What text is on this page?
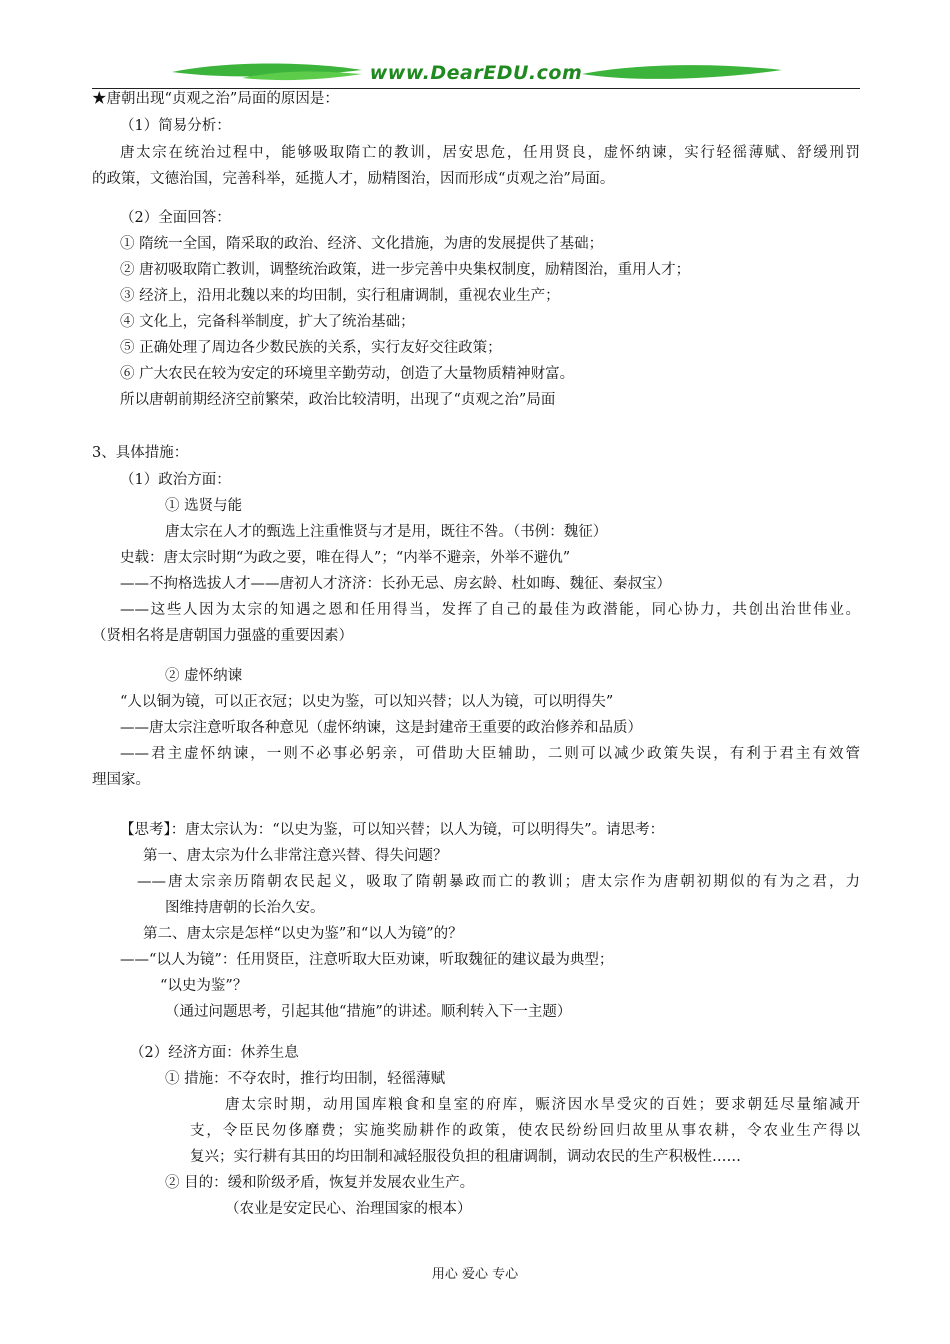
www.DearEDU.com
★唐朝出现“贞观之治”局面的原因是：
（1）简易分析：
唐太宗在统治过程中，能够吸取隋亡的教训，居安思危，任用贤良，虚怀纳谏，实行轻徭薄赋、舒缓刑罚
的政策，文德治国，完善科举，延揽人才，励精图治，因而形成“贞观之治”局面。
（2）全面回答：
① 隋统一全国，隋采取的政治、经济、文化措施，为唐的发展提供了基础；
② 唐初吸取隋亡教训，调整统治政策，进一步完善中央集权制度，励精图治，重用人才；
③ 经济上，沿用北魏以来的均田制，实行租庸调制，重视农业生产；
④ 文化上，完备科举制度，扩大了统治基础；
⑤ 正确处理了周边各少数民族的关系，实行友好交往政策；
⑥ 广大农民在较为安定的环境里辛勤劳动，创造了大量物质精神财富。
所以唐朝前期经济空前繁荣，政治比较清明，出现了“贞观之治”局面
3、具体措施：
（1）政治方面：
① 选贤与能
唐太宗在人才的甄选上注重惟贤与才是用，既往不咎。（书例：魏征）
史载：唐太宗时期“为政之要，唯在得人”；“内举不避亲，外举不避仇”
——不拘格选拔人才——唐初人才济济：长孙无忌、房玄龄、杜如晦、魏征、秦叔宝）
——这些人因为太宗的知遇之恩和任用得当，发挥了自己的最佳为政潜能，同心协力，共创出治世伟业。
（贤相名将是唐朝国力强盛的重要因素）
② 虚怀纳谏
“人以铜为镜，可以正衣冠；以史为鉴，可以知兴替；以人为镜，可以明得失”
——唐太宗注意听取各种意见（虚怀纳谏，这是封建帝王重要的政治修养和品质）
——君主虚怀纳谏，一则不必事必躬亲，可借助大臣辅助，二则可以减少政策失误，有利于君主有效管
理国家。
【思考】：唐太宗认为：“以史为鉴，可以知兴替；以人为镜，可以明得失”。请思考：
第一、唐太宗为什么非常注意兴替、得失问题？
——唐太宗亲历隋朝农民起义，吸取了隋朝暴政而亡的教训；唐太宗作为唐朝初期似的有为之君，力
图维持唐朝的长治久安。
第二、唐太宗是怎样“以史为鉴”和“以人为镜”的？
——“以人为镜”：任用贤臣，注意听取大臣劝谏，听取魏征的建议最为典型；
“以史为鉴”？
（通过问题思考，引起其他“措施”的讲述。顺利转入下一主题）
（2）经济方面：休养生息
① 措施：不夺农时，推行均田制，轻徭薄赋
唐太宗时期，动用国库粮食和皇室的府库，赈济因水旱受灾的百姓；要求朝廷尽量缩减开
支，令臣民勿侈靡费；实施奖励耕作的政策，使农民纷纷回归故里从事农耕，令农业生产得以
复兴；实行耕有其田的均田制和减轻服役负担的租庸调制，调动农民的生产积极性……
② 目的：缓和阶级矛盾，恢复并发展农业生产。
（农业是安定民心、治理国家的根本）
用心 爱心 专心
